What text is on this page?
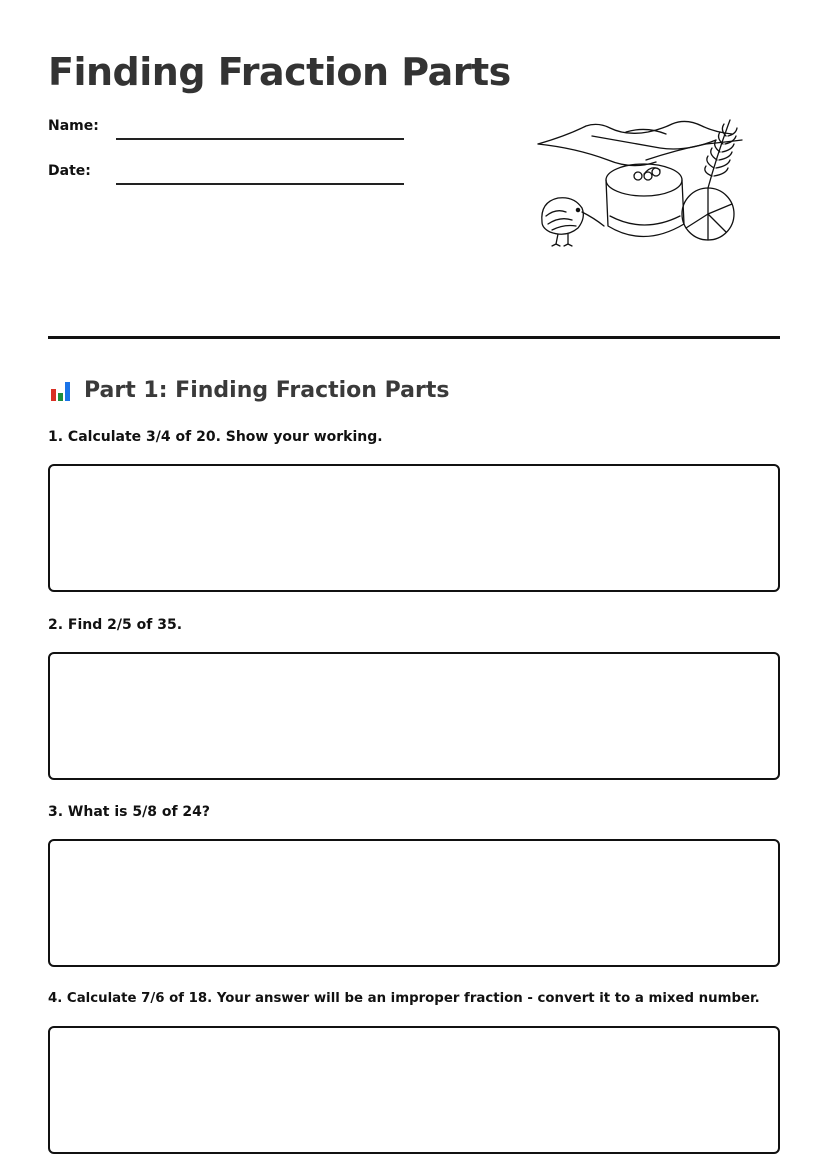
Finding Fraction Parts
Name:
Date:
Part 1: Finding Fraction Parts
1. Calculate 3/4 of 20. Show your working.
2. Find 2/5 of 35.
3. What is 5/8 of 24?
4. Calculate 7/6 of 18. Your answer will be an improper fraction - convert it to a mixed number.
